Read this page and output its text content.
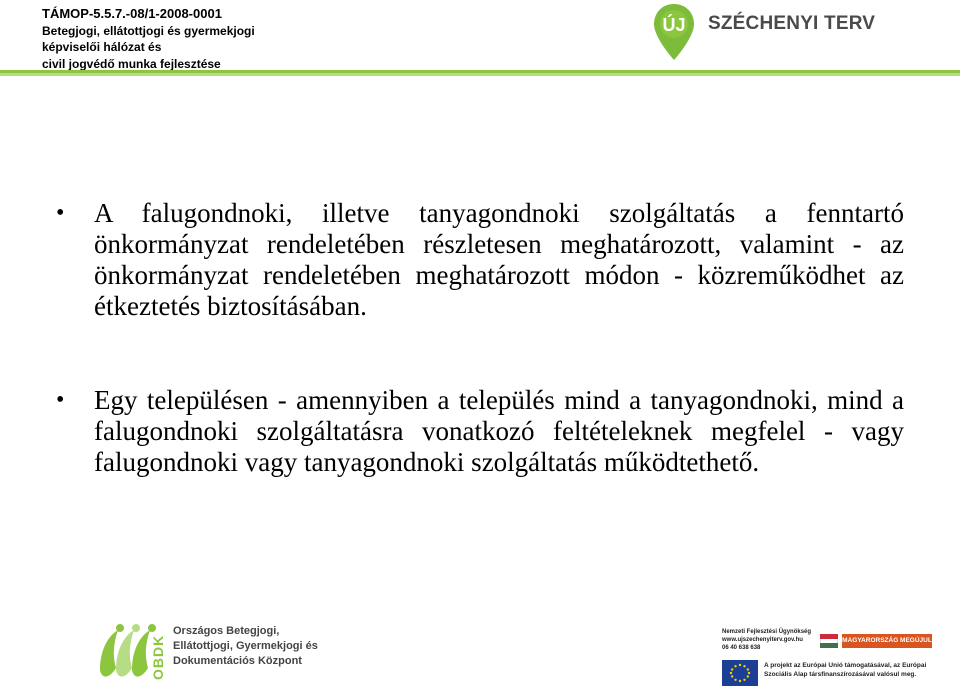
TÁMOP-5.5.7.-08/1-2008-0001
Betegjogi, ellátottjogi és gyermekjogi
képviselői hálózat és
civil jogvédő munka fejlesztése
ÚJ SZÉCHENYI TERV
• A falugondnoki, illetve tanyagondnoki szolgáltatás a fenntartó önkormányzat rendeletében részletesen meghatározott, valamint - az önkormányzat rendeletében meghatározott módon - közreműködhet az étkeztetés biztosításában.
• Egy településen - amennyiben a település mind a tanyagondnoki, mind a falugondnoki szolgáltatásra vonatkozó feltételeknek megfelel - vagy falugondnoki vagy tanyagondnoki szolgáltatás működtethető.
OBDK
Országos Betegjogi,
Ellátottjogi, Gyermekjogi és
Dokumentációs Központ
Nemzeti Fejlesztési Ügynökség
www.ujszechenyiterv.gov.hu
06 40 638 638
MAGYARORSZÁG MEGÚJUL
A projekt az Európai Unió támogatásával, az Európai Szociális Alap társfinanszírozásával valósul meg.
